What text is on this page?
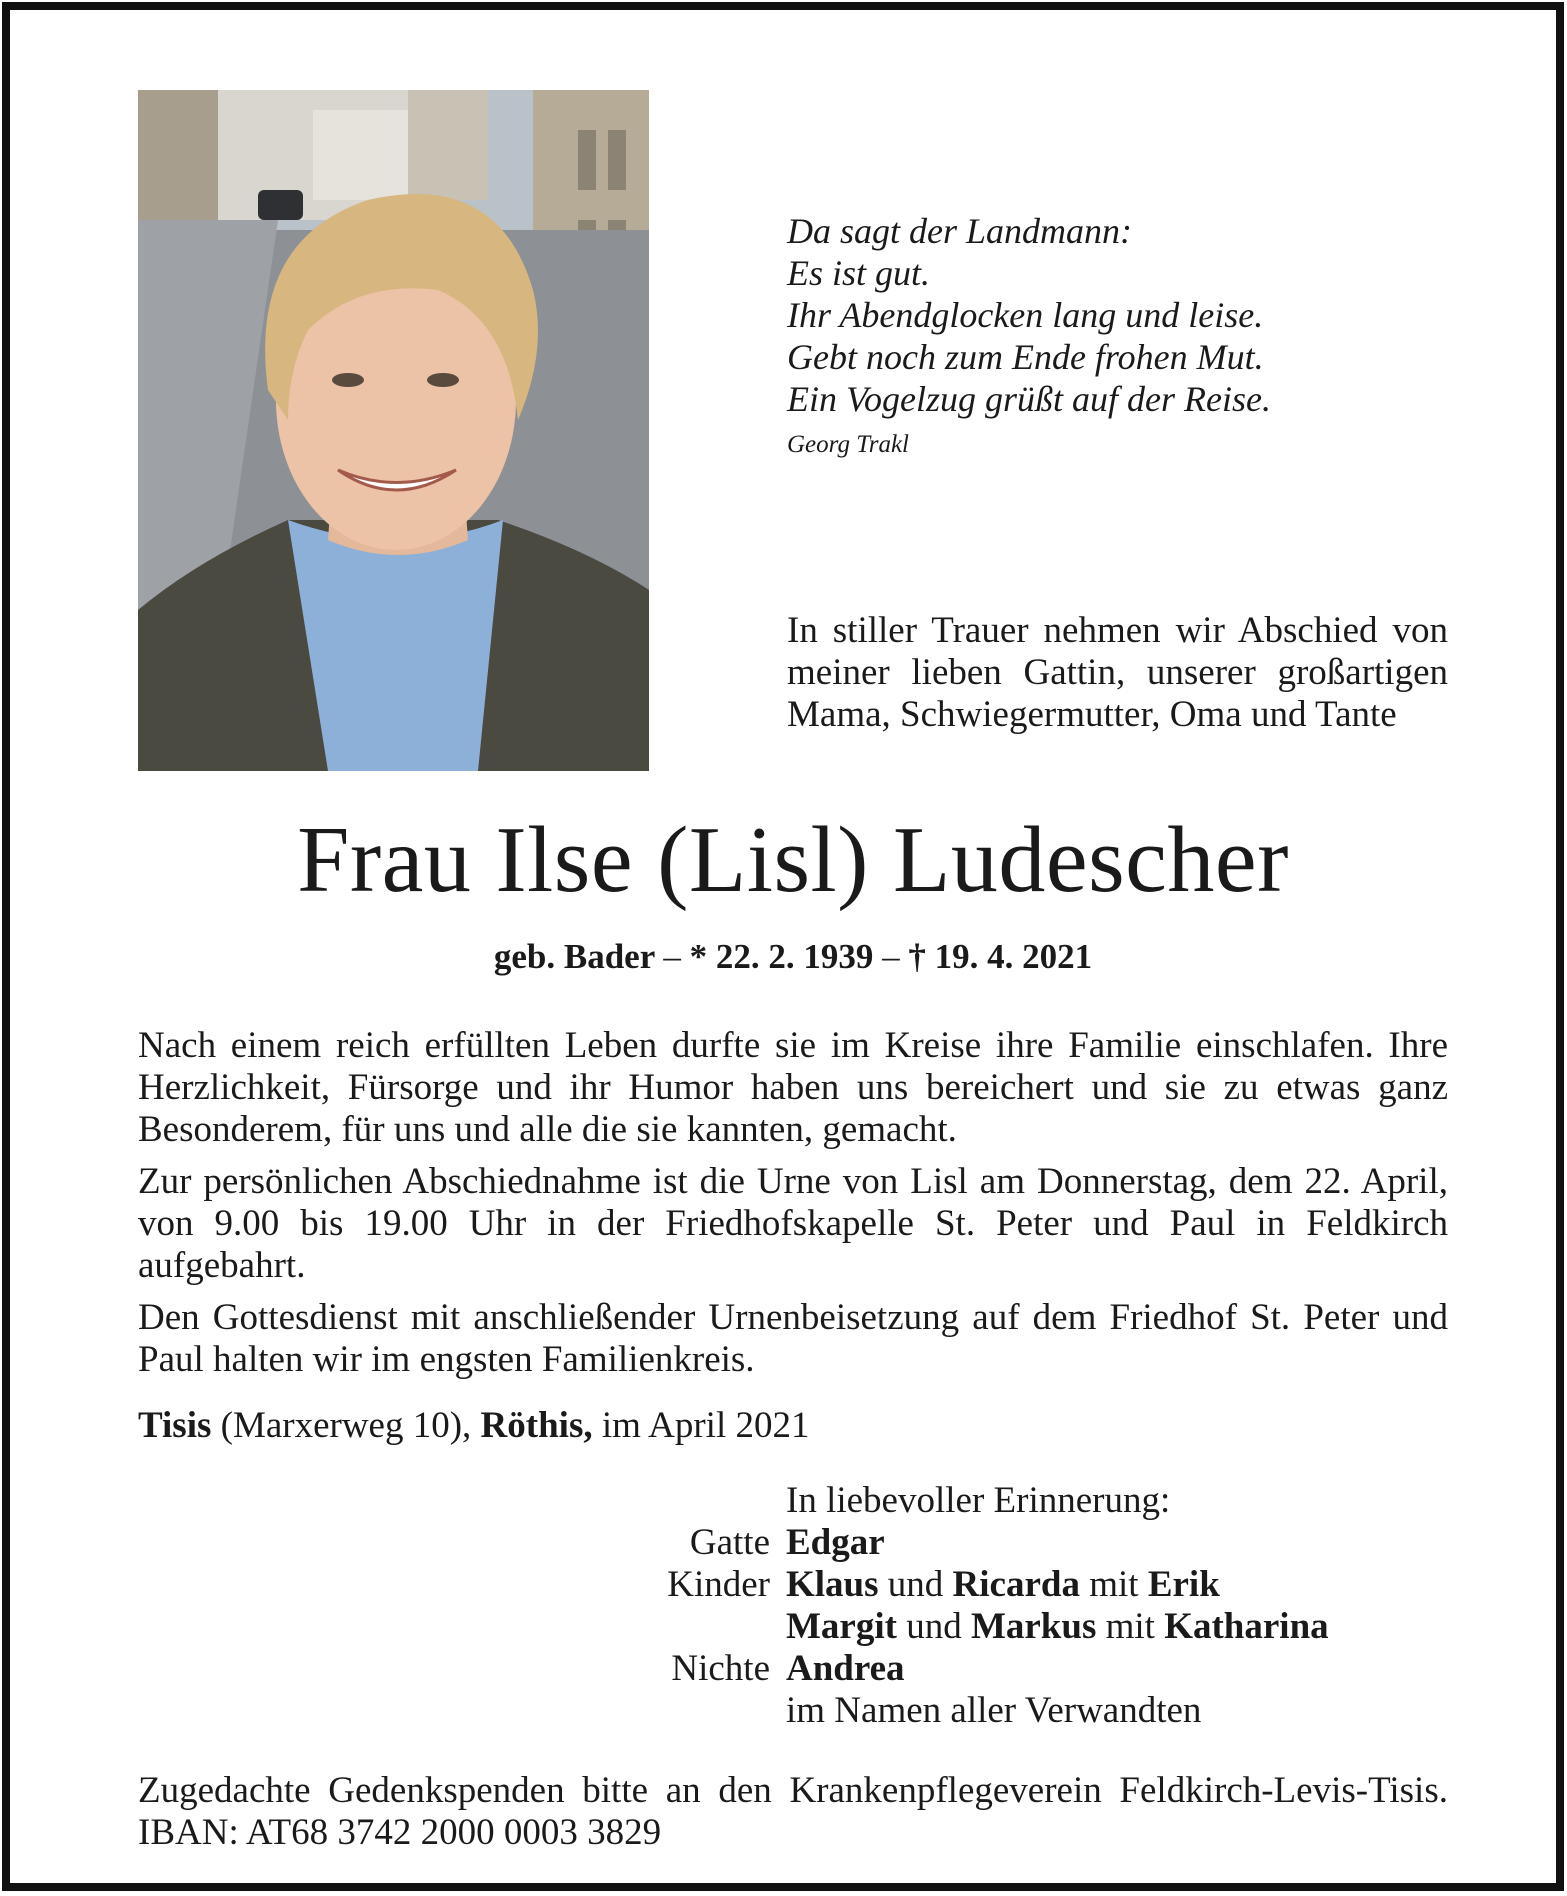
Da sagt der Landmann:
Es ist gut.
Ihr Abendglocken lang und leise.
Gebt noch zum Ende frohen Mut.
Ein Vogelzug grüßt auf der Reise.
Georg Trakl
In stiller Trauer nehmen wir Abschied von meiner lieben Gattin, unserer großartigen Mama, Schwiegermutter, Oma und Tante
Frau Ilse (Lisl) Ludescher
geb. Bader – * 22. 2. 1939 – † 19. 4. 2021

Nach einem reich erfüllten Leben durfte sie im Kreise ihre Familie einschlafen. Ihre Herzlichkeit, Fürsorge und ihr Humor haben uns bereichert und sie zu etwas ganz Besonderem, für uns und alle die sie kannten, gemacht.

Zur persönlichen Abschiednahme ist die Urne von Lisl am Donnerstag, dem 22. April, von 9.00 bis 19.00 Uhr in der Friedhofskapelle St. Peter und Paul in Feldkirch aufgebahrt.

Den Gottesdienst mit anschließender Urnenbeisetzung auf dem Friedhof St. Peter und Paul halten wir im engsten Familienkreis.

Tisis (Marxerweg 10), Röthis, im April 2021
In liebevoller Erinnerung:
Gatte Edgar
Kinder Klaus und Ricarda mit Erik
Margit und Markus mit Katharina
Nichte Andrea
im Namen aller Verwandten
Zugedachte Gedenkspenden bitte an den Krankenpflegeverein Feldkirch-Levis-Tisis. IBAN: AT68 3742 2000 0003 3829
